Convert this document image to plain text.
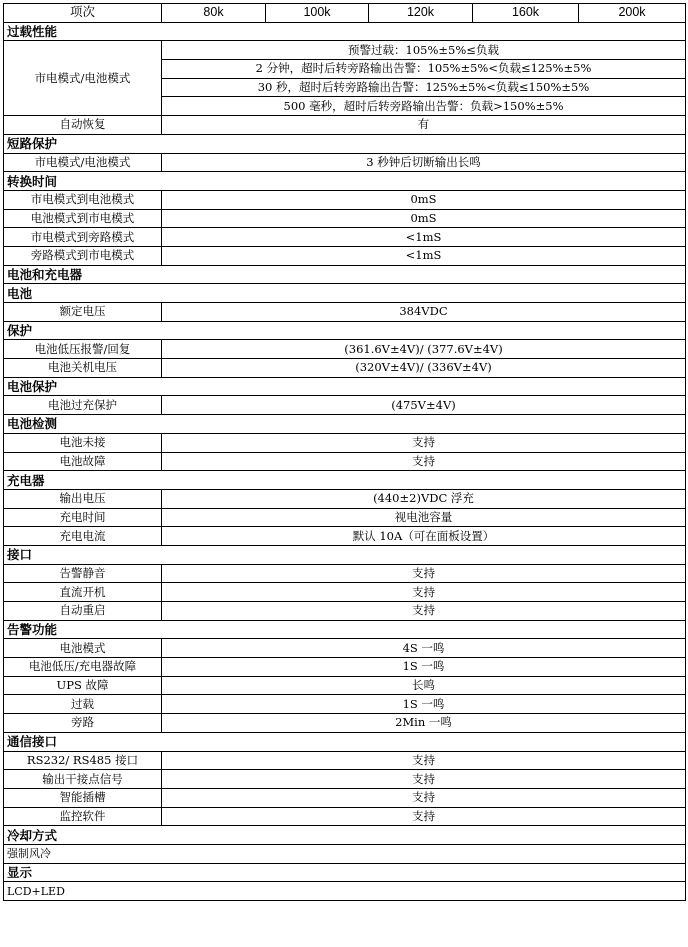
项次	80k	100k	120k	160k	200k
过载性能					
市电模式/电池模式	预警过载：105%±5%≤负载				
	2 分钟，超时后转旁路输出告警：105%±5%<负载≤125%±5%				
	30 秒，超时后转旁路输出告警：125%±5%<负载≤150%±5%				
	500 毫秒，超时后转旁路输出告警：负载>150%±5%				
自动恢复	有				
短路保护					
市电模式/电池模式	3 秒钟后切断输出长鸣				
转换时间					
市电模式到电池模式	0mS				
电池模式到市电模式	0mS				
市电模式到旁路模式	<1mS				
旁路模式到市电模式	<1mS				
电池和充电器					
电池					
额定电压	384VDC				
保护					
电池低压报警/回复	(361.6V±4V)/ (377.6V±4V)				
电池关机电压	(320V±4V)/ (336V±4V)				
电池保护					
电池过充保护	(475V±4V)				
电池检测					
电池未接	支持				
电池故障	支持				
充电器					
输出电压	(440±2)VDC 浮充				
充电时间	视电池容量				
充电电流	默认 10A（可在面板设置）				
接口					
告警静音	支持				
直流开机	支持				
自动重启	支持				
告警功能					
电池模式	4S 一鸣				
电池低压/充电器故障	1S 一鸣				
UPS 故障	长鸣				
过载	1S 一鸣				
旁路	2Min 一鸣				
通信接口					
RS232/ RS485 接口	支持				
输出干接点信号	支持				
智能插槽	支持				
监控软件	支持				
冷却方式					
强制风冷					
显示					
LCD+LED					
